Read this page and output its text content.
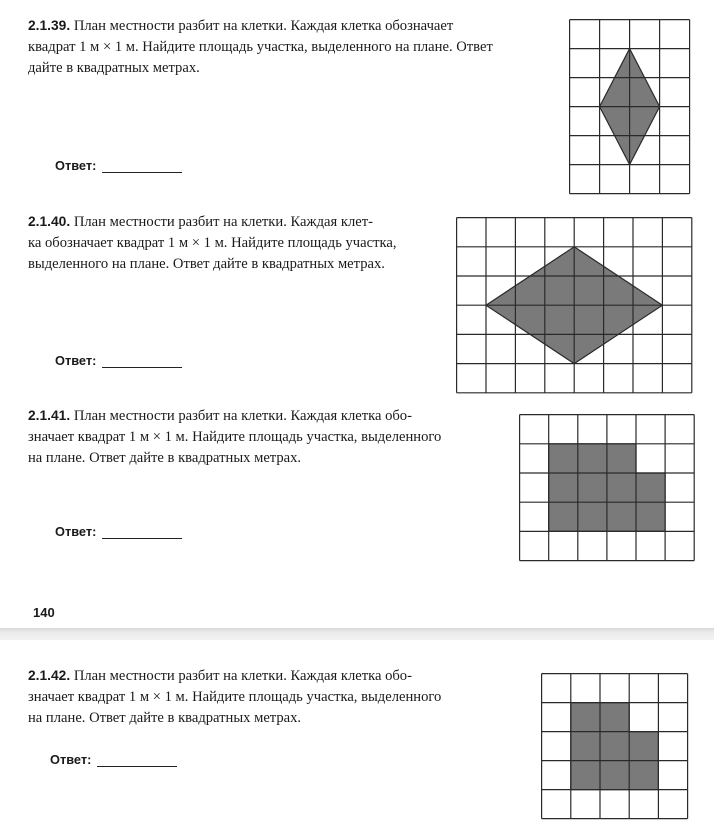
2.1.39. План местности разбит на клетки. Каждая клетка обозначает
квадрат 1 м × 1 м. Найдите площадь участка, выделенного на плане. Ответ
дайте в квадратных метрах.
Ответ:
2.1.40. План местности разбит на клетки. Каждая клет-
ка обозначает квадрат 1 м × 1 м. Найдите площадь участка,
выделенного на плане. Ответ дайте в квадратных метрах.
Ответ:
2.1.41. План местности разбит на клетки. Каждая клетка обо-
значает квадрат 1 м × 1 м. Найдите площадь участка, выделенного
на плане. Ответ дайте в квадратных метрах.
Ответ:
140
2.1.42. План местности разбит на клетки. Каждая клетка обо-
значает квадрат 1 м × 1 м. Найдите площадь участка, выделенного
на плане. Ответ дайте в квадратных метрах.
Ответ:
